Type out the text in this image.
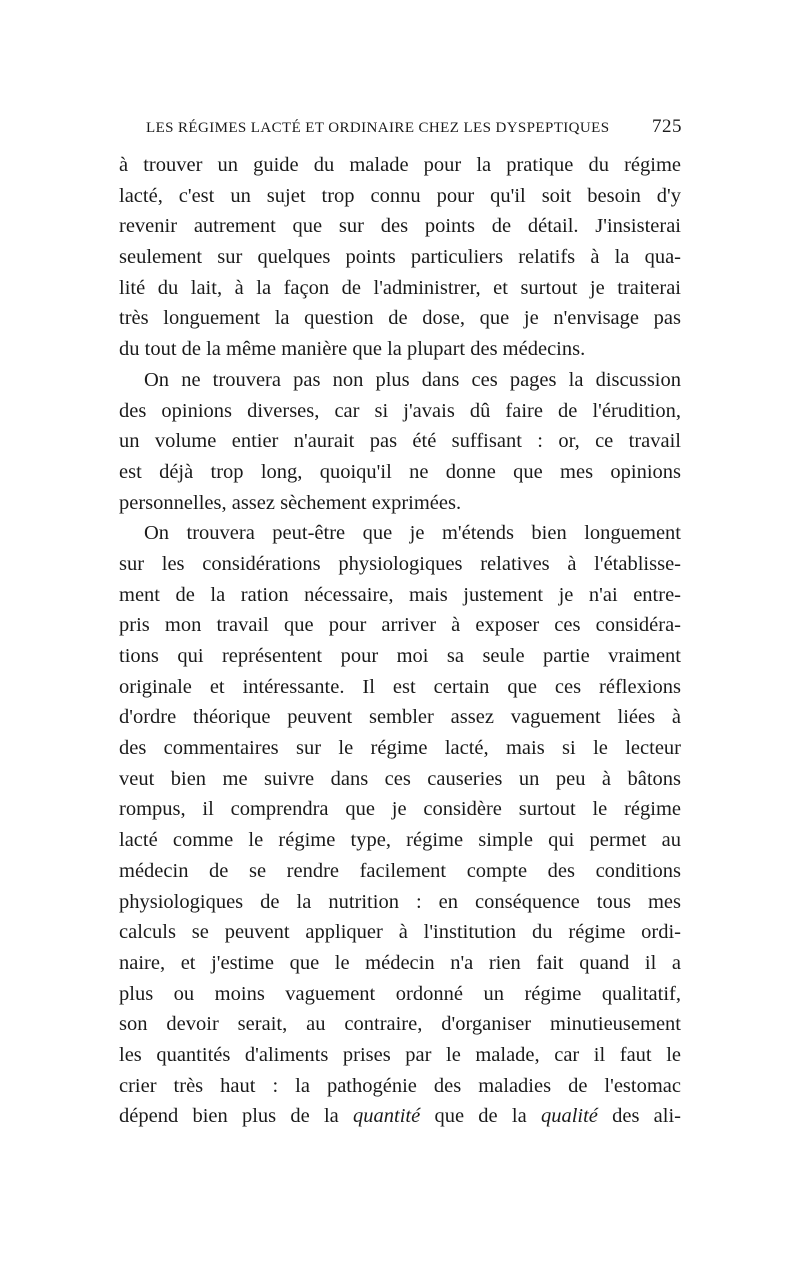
LES RÉGIMES LACTÉ ET ORDINAIRE CHEZ LES DYSPEPTIQUES 725
à trouver un guide du malade pour la pratique du régime
lacté, c'est un sujet trop connu pour qu'il soit besoin d'y
revenir autrement que sur des points de détail. J'insisterai
seulement sur quelques points particuliers relatifs à la qua-
lité du lait, à la façon de l'administrer, et surtout je traiterai
très longuement la question de dose, que je n'envisage pas
du tout de la même manière que la plupart des médecins.
On ne trouvera pas non plus dans ces pages la discussion
des opinions diverses, car si j'avais dû faire de l'érudition,
un volume entier n'aurait pas été suffisant : or, ce travail
est déjà trop long, quoiqu'il ne donne que mes opinions
personnelles, assez sèchement exprimées.
On trouvera peut-être que je m'étends bien longuement
sur les considérations physiologiques relatives à l'établisse-
ment de la ration nécessaire, mais justement je n'ai entre-
pris mon travail que pour arriver à exposer ces considéra-
tions qui représentent pour moi sa seule partie vraiment
originale et intéressante. Il est certain que ces réflexions
d'ordre théorique peuvent sembler assez vaguement liées à
des commentaires sur le régime lacté, mais si le lecteur
veut bien me suivre dans ces causeries un peu à bâtons
rompus, il comprendra que je considère surtout le régime
lacté comme le régime type, régime simple qui permet au
médecin de se rendre facilement compte des conditions
physiologiques de la nutrition : en conséquence tous mes
calculs se peuvent appliquer à l'institution du régime ordi-
naire, et j'estime que le médecin n'a rien fait quand il a
plus ou moins vaguement ordonné un régime qualitatif,
son devoir serait, au contraire, d'organiser minutieusement
les quantités d'aliments prises par le malade, car il faut le
crier très haut : la pathogénie des maladies de l'estomac
dépend bien plus de la quantité que de la qualité des ali-
